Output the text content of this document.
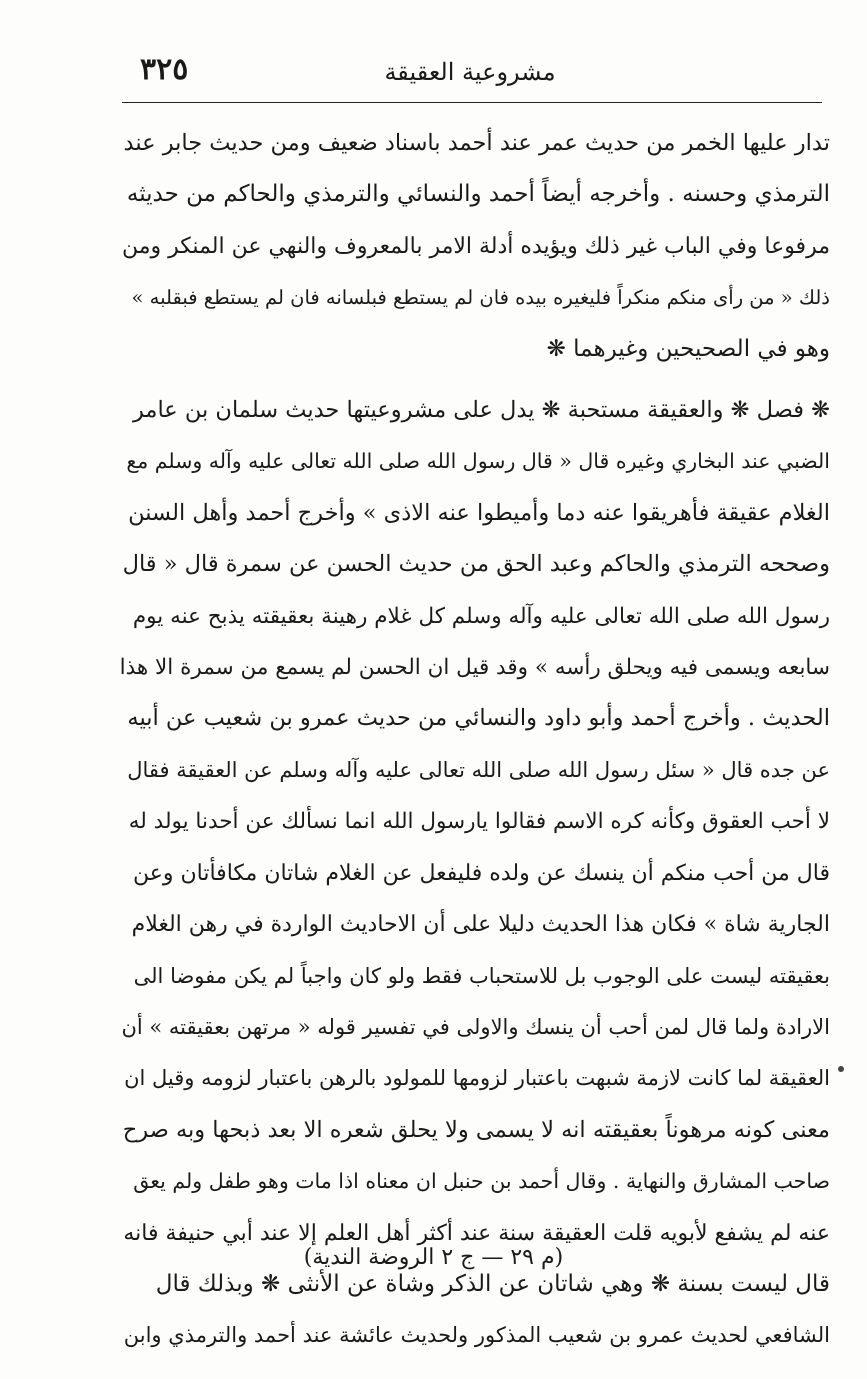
٣٢٥	مشروعية العقيقة

تدار عليها الخمر من حديث عمر عند أحمد باسناد ضعيف ومن حديث جابر عند
الترمذي وحسنه . وأخرجه أيضاً أحمد والنسائي والترمذي والحاكم من حديثه
مرفوعا وفي الباب غير ذلك ويؤيده أدلة الامر بالمعروف والنهي عن المنكر ومن
ذلك « من رأى منكم منكراً فليغيره بيده فان لم يستطع فبلسانه فان لم يستطع فبقلبه »
وهو في الصحيحين وغيرهما ❋

❋ فصل ❋ والعقيقة مستحبة ❋ يدل على مشروعيتها حديث سلمان بن عامر
الضبي عند البخاري وغيره قال « قال رسول الله صلى الله تعالى عليه وآله وسلم مع
الغلام عقيقة فأهريقوا عنه دما وأميطوا عنه الاذى » وأخرج أحمد وأهل السنن
وصححه الترمذي والحاكم وعبد الحق من حديث الحسن عن سمرة قال « قال
رسول الله صلى الله تعالى عليه وآله وسلم كل غلام رهينة بعقيقته يذبح عنه يوم
سابعه ويسمى فيه ويحلق رأسه » وقد قيل ان الحسن لم يسمع من سمرة الا هذا
الحديث . وأخرج أحمد وأبو داود والنسائي من حديث عمرو بن شعيب عن أبيه
عن جده قال « سئل رسول الله صلى الله تعالى عليه وآله وسلم عن العقيقة فقال
لا أحب العقوق وكأنه كره الاسم فقالوا يارسول الله انما نسألك عن أحدنا يولد له
قال من أحب منكم أن ينسك عن ولده فليفعل عن الغلام شاتان مكافأتان وعن
الجارية شاة » فكان هذا الحديث دليلا على أن الاحاديث الواردة في رهن الغلام
بعقيقته ليست على الوجوب بل للاستحباب فقط ولو كان واجباً لم يكن مفوضا الى
الارادة ولما قال لمن أحب أن ينسك والاولى في تفسير قوله « مرتهن بعقيقته » أن
العقيقة لما كانت لازمة شبهت باعتبار لزومها للمولود بالرهن باعتبار لزومه وقيل ان
معنى كونه مرهوناً بعقيقته انه لا يسمى ولا يحلق شعره الا بعد ذبحها وبه صرح
صاحب المشارق والنهاية . وقال أحمد بن حنبل ان معناه اذا مات وهو طفل ولم يعق
عنه لم يشفع لأبويه قلت العقيقة سنة عند أكثر أهل العلم إلا عند أبي حنيفة فانه
قال ليست بسنة ❋ وهي شاتان عن الذكر وشاة عن الأنثى ❋ وبذلك قال
الشافعي لحديث عمرو بن شعيب المذكور ولحديث عائشة عند أحمد والترمذي وابن

(م ٢٩ — ج ٢ الروضة الندية)
